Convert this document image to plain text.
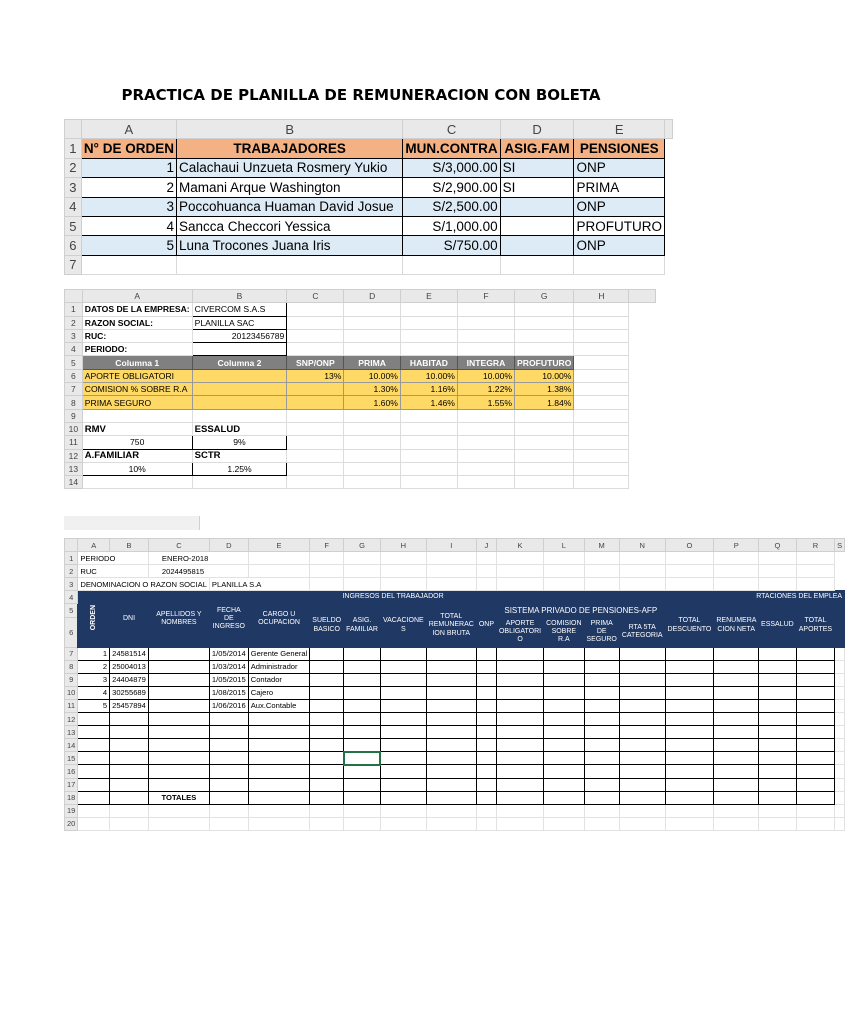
PRACTICA DE PLANILLA DE REMUNERACION CON BOLETA
	A	B	C	D	E	
1	N° DE ORDEN	TRABAJADORES	MUN.CONTRA	ASIG.FAM	PENSIONES	
2	1	Calachaui Unzueta Rosmery Yukio	S/3,000.00	SI	ONP	
3	2	Mamani Arque Washington	S/2,900.00	SI	PRIMA	
4	3	Poccohuanca Huaman David Josue	S/2,500.00		ONP	
5	4	Sancca Checcori Yessica	S/1,000.00		PROFUTURO	
6	5	Luna Trocones Juana Iris	S/750.00		ONP	
7						
	A	B	C	D	E	F	G	H	
1	DATOS DE LA EMPRESA:	CIVERCOM S.A.S							
2	RAZON SOCIAL:	PLANILLA SAC							
3	RUC:	20123456789							
4	PERIODO:								
5	Columna 1	Columna 2	SNP/ONP	PRIMA	HABITAD	INTEGRA	PROFUTURO		
6	APORTE OBLIGATORI		13%	10.00%	10.00%	10.00%	10.00%		
7	COMISION % SOBRE R.A			1.30%	1.16%	1.22%	1.38%		
8	PRIMA SEGURO			1.60%	1.46%	1.55%	1.84%		
9									
10	RMV	ESSALUD							
11	750	9%							
12	A.FAMILIAR	SCTR							
13	10%	1.25%							
14									
	A	B	C	D	E	F	G	H	I	J	K	L	M	N	O	P	Q	R	S
1	PERIODO		ENERO-2018																
2	RUC		2024495815																
3	DENOMINACION O RAZON SOCIAL			PLANILLA S.A															
4	ORDEN	DNI	APELLIDOS Y NOMBRES	FECHA DE INGRESO	CARGO U OCUPACION	INGRESOS DEL TRABAJADOR										RTACIONES DEL EMPLEA			
5						SUELDO BASICO	ASIG. FAMILIAR	VACACIONE S	TOTAL REMUNERAC ION BRUTA	ONP	SISTEMA PRIVADO DE PENSIONES-AFP				TOTAL DESCUENTO	RENUMERA CION NETA	ESSALUD	TOTAL APORTES	
6											APORTE OBLIGATORI O	COMISION SOBRE R.A	PRIMA DE SEGURO	RTA 5TA CATEGORIA					
7	1	24581514		1/05/2014	Gerente General														
8	2	25004013		1/03/2014	Administrador														
9	3	24404879		1/05/2015	Contador														
10	4	30255689		1/08/2015	Cajero														
11	5	25457894		1/06/2016	Aux.Contable														
12																			
13																			
14																			
15																			
16																			
17																			
18			TOTALES																
19																			
20																			
